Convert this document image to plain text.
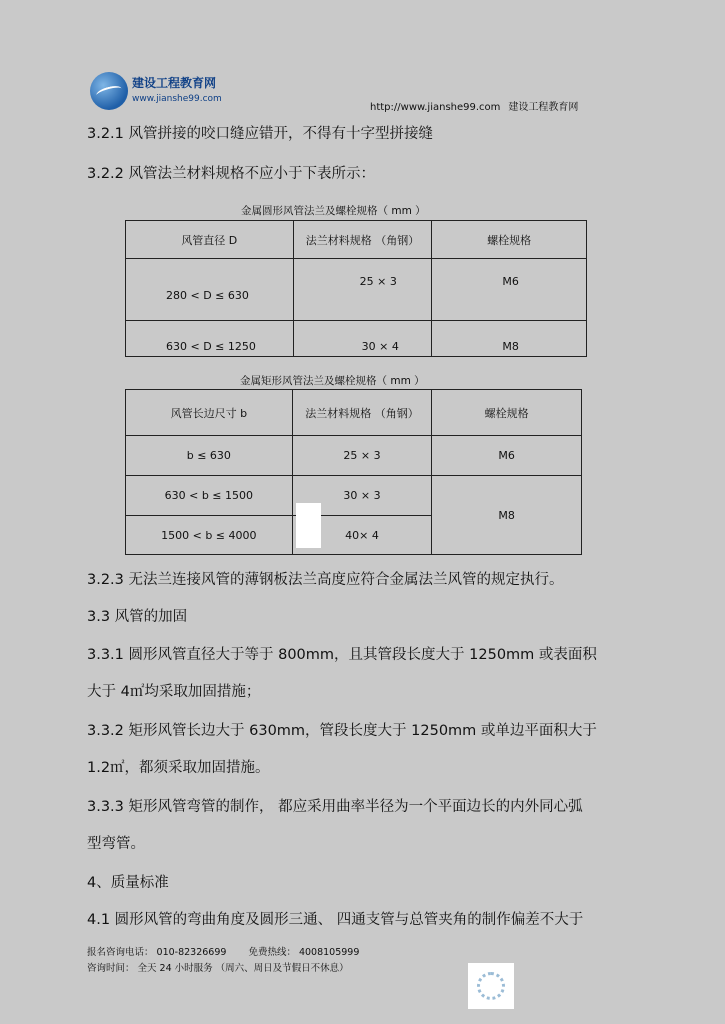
建设工程教育网
www.jianshe99.com
http://www.jianshe99.com 建设工程教育网
3.2.1 风管拼接的咬口缝应错开，不得有十字型拼接缝
3.2.2 风管法兰材料规格不应小于下表所示：
金属圆形风管法兰及螺栓规格（ mm ）
风管直径 D	法兰材料规格 （角钢）	螺栓规格

280 < D ≤ 630	25 × 3	M6

630 < D ≤ 1250	30 × 4	M8
金属矩形风管法兰及螺栓规格（ mm ）
风管长边尺寸 b	法兰材料规格 （角钢）	螺栓规格
b ≤ 630	25 × 3	M6
630 < b ≤ 1500	30 × 3	M8
1500 < b ≤ 4000	40× 4	
3.2.3 无法兰连接风管的薄钢板法兰高度应符合金属法兰风管的规定执行。
3.3 风管的加固
3.3.1 圆形风管直径大于等于 800mm，且其管段长度大于 1250mm 或表面积
大于 4㎡均采取加固措施；
3.3.2 矩形风管长边大于 630mm，管段长度大于 1250mm 或单边平面积大于
1.2㎡，都须采取加固措施。
3.3.3 矩形风管弯管的制作， 都应采用曲率半径为一个平面边长的内外同心弧
型弯管。
4、质量标准
4.1 圆形风管的弯曲角度及圆形三通、 四通支管与总管夹角的制作偏差不大于
报名咨询电话： 010-82326699 免费热线： 4008105999
咨询时间： 全天 24 小时服务 （周六、周日及节假日不休息）
